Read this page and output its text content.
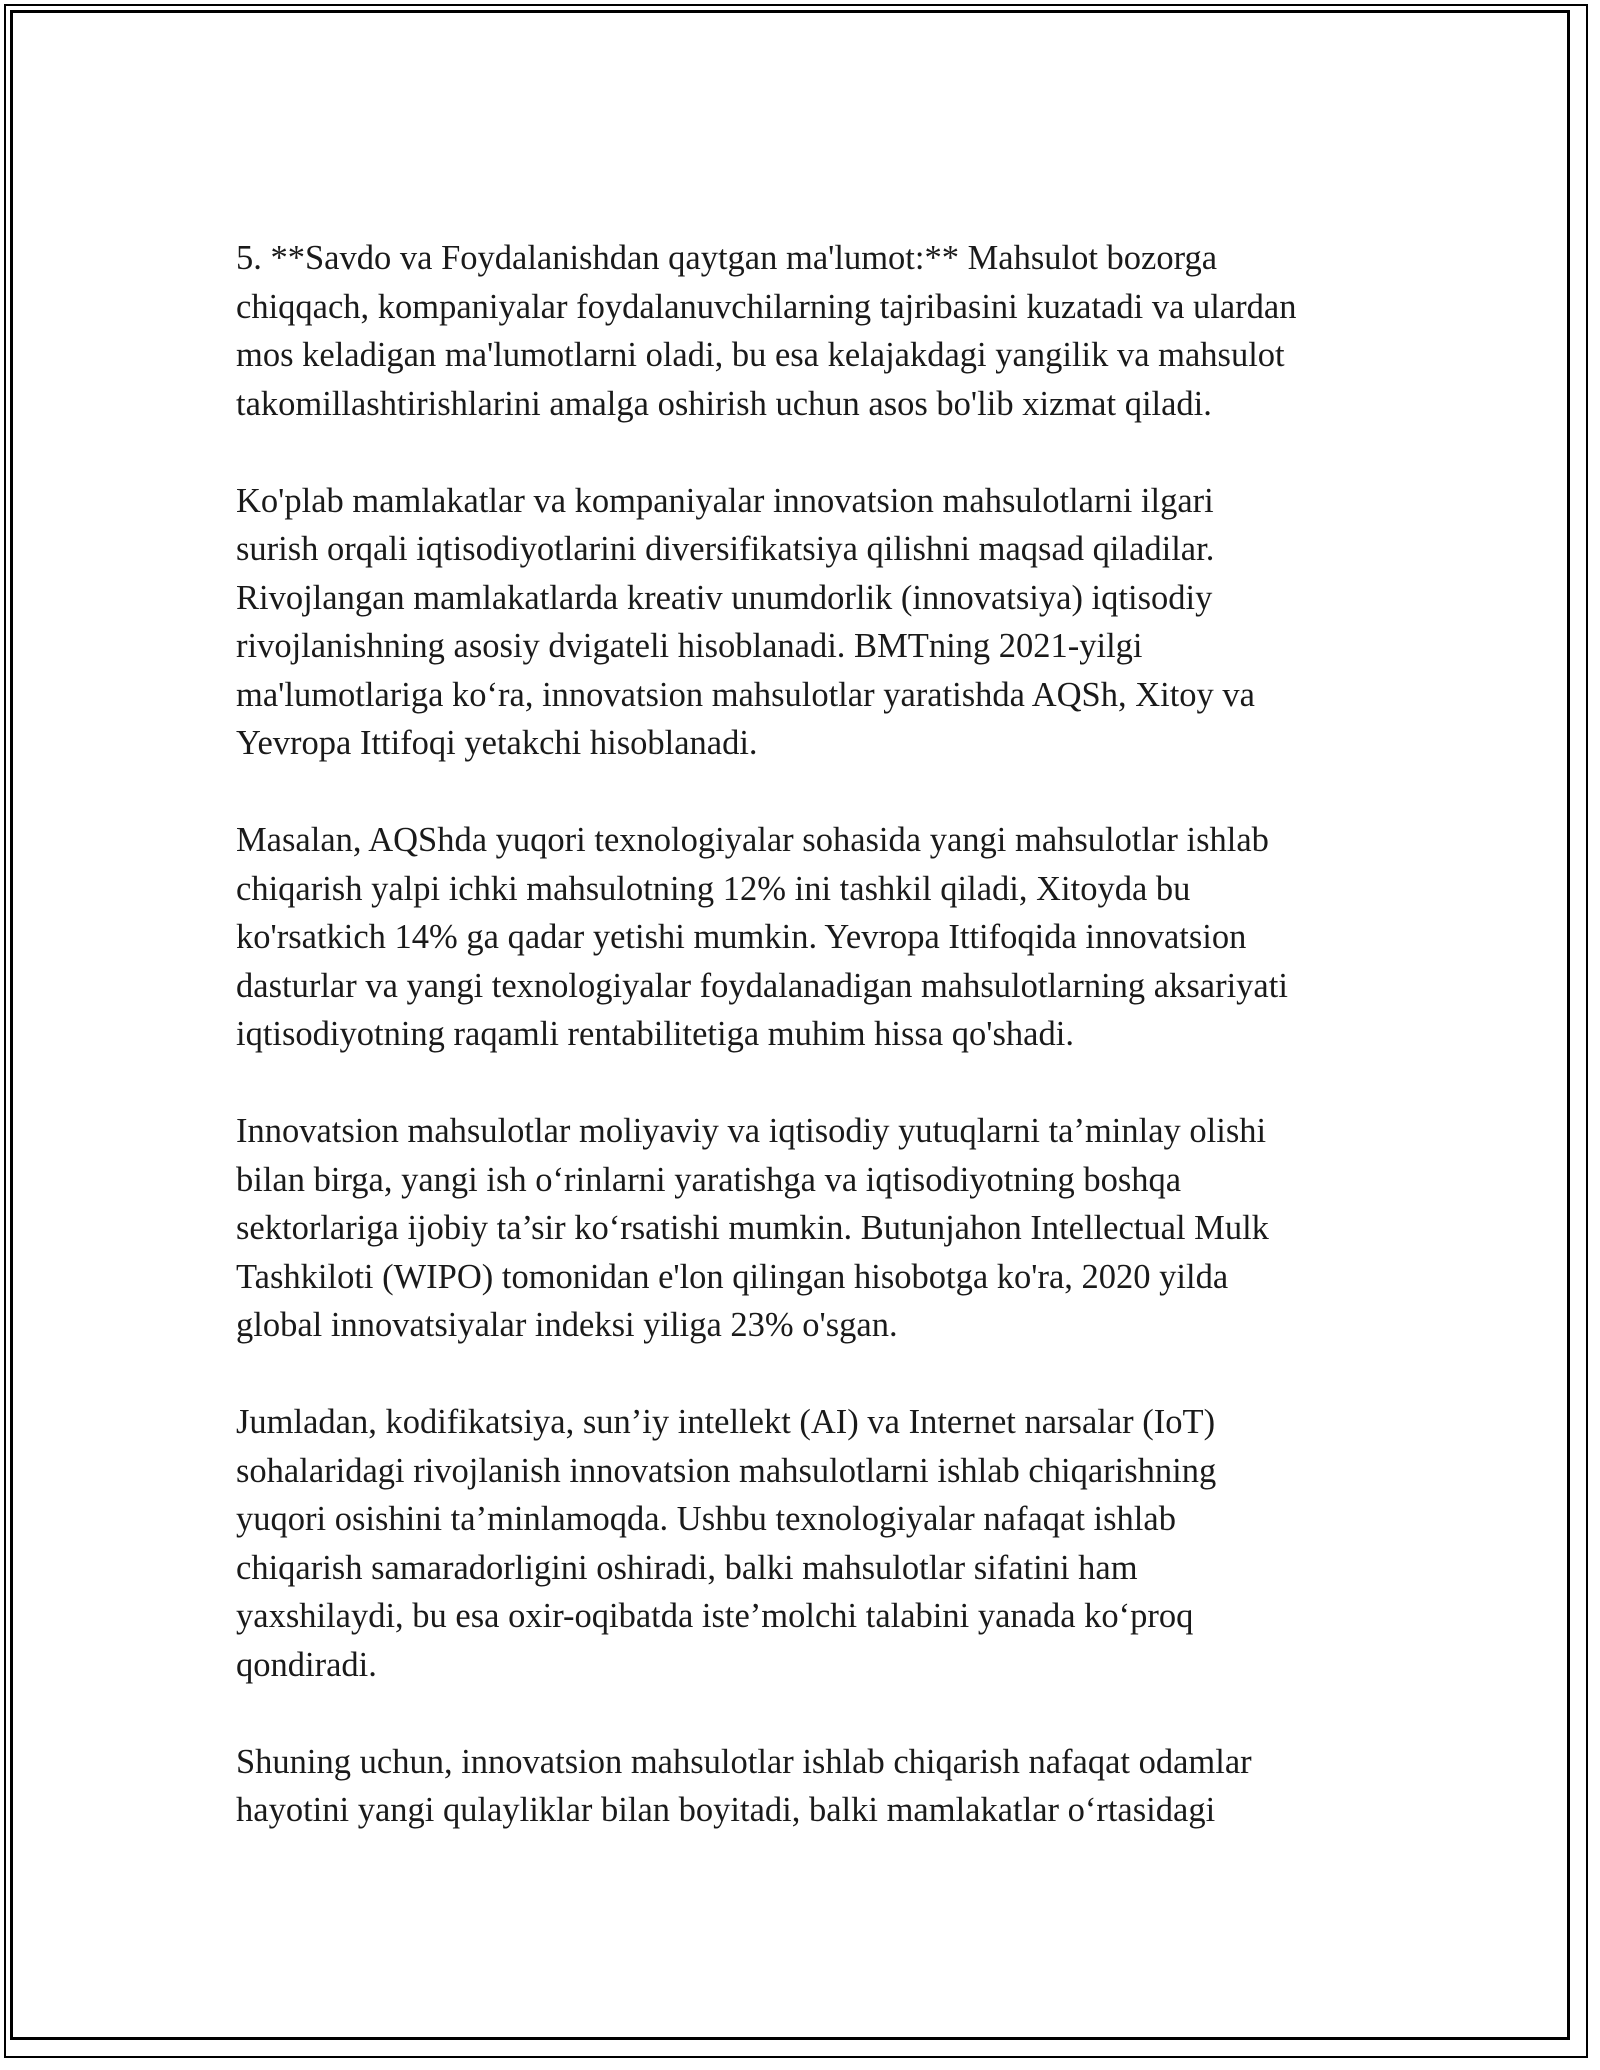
5. **Savdo va Foydalanishdan qaytgan ma'lumot:** Mahsulot bozorga
chiqqach, kompaniyalar foydalanuvchilarning tajribasini kuzatadi va ulardan
mos keladigan ma'lumotlarni oladi, bu esa kelajakdagi yangilik va mahsulot
takomillashtirishlarini amalga oshirish uchun asos bo'lib xizmat qiladi.

Ko'plab mamlakatlar va kompaniyalar innovatsion mahsulotlarni ilgari
surish orqali iqtisodiyotlarini diversifikatsiya qilishni maqsad qiladilar.
Rivojlangan mamlakatlarda kreativ unumdorlik (innovatsiya) iqtisodiy
rivojlanishning asosiy dvigateli hisoblanadi. BMTning 2021-yilgi
ma'lumotlariga ko‘ra, innovatsion mahsulotlar yaratishda AQSh, Xitoy va
Yevropa Ittifoqi yetakchi hisoblanadi.

Masalan, AQShda yuqori texnologiyalar sohasida yangi mahsulotlar ishlab
chiqarish yalpi ichki mahsulotning 12% ini tashkil qiladi, Xitoyda bu
ko'rsatkich 14% ga qadar yetishi mumkin. Yevropa Ittifoqida innovatsion
dasturlar va yangi texnologiyalar foydalanadigan mahsulotlarning aksariyati
iqtisodiyotning raqamli rentabilitetiga muhim hissa qo'shadi.

Innovatsion mahsulotlar moliyaviy va iqtisodiy yutuqlarni ta’minlay olishi
bilan birga, yangi ish o‘rinlarni yaratishga va iqtisodiyotning boshqa
sektorlariga ijobiy ta’sir ko‘rsatishi mumkin. Butunjahon Intellectual Mulk
Tashkiloti (WIPO) tomonidan e'lon qilingan hisobotga ko'ra, 2020 yilda
global innovatsiyalar indeksi yiliga 23% o'sgan.

Jumladan, kodifikatsiya, sun’iy intellekt (AI) va Internet narsalar (IoT)
sohalaridagi rivojlanish innovatsion mahsulotlarni ishlab chiqarishning
yuqori osishini ta’minlamoqda. Ushbu texnologiyalar nafaqat ishlab
chiqarish samaradorligini oshiradi, balki mahsulotlar sifatini ham
yaxshilaydi, bu esa oxir-oqibatda iste’molchi talabini yanada ko‘proq
qondiradi.

Shuning uchun, innovatsion mahsulotlar ishlab chiqarish nafaqat odamlar
hayotini yangi qulayliklar bilan boyitadi, balki mamlakatlar o‘rtasidagi
